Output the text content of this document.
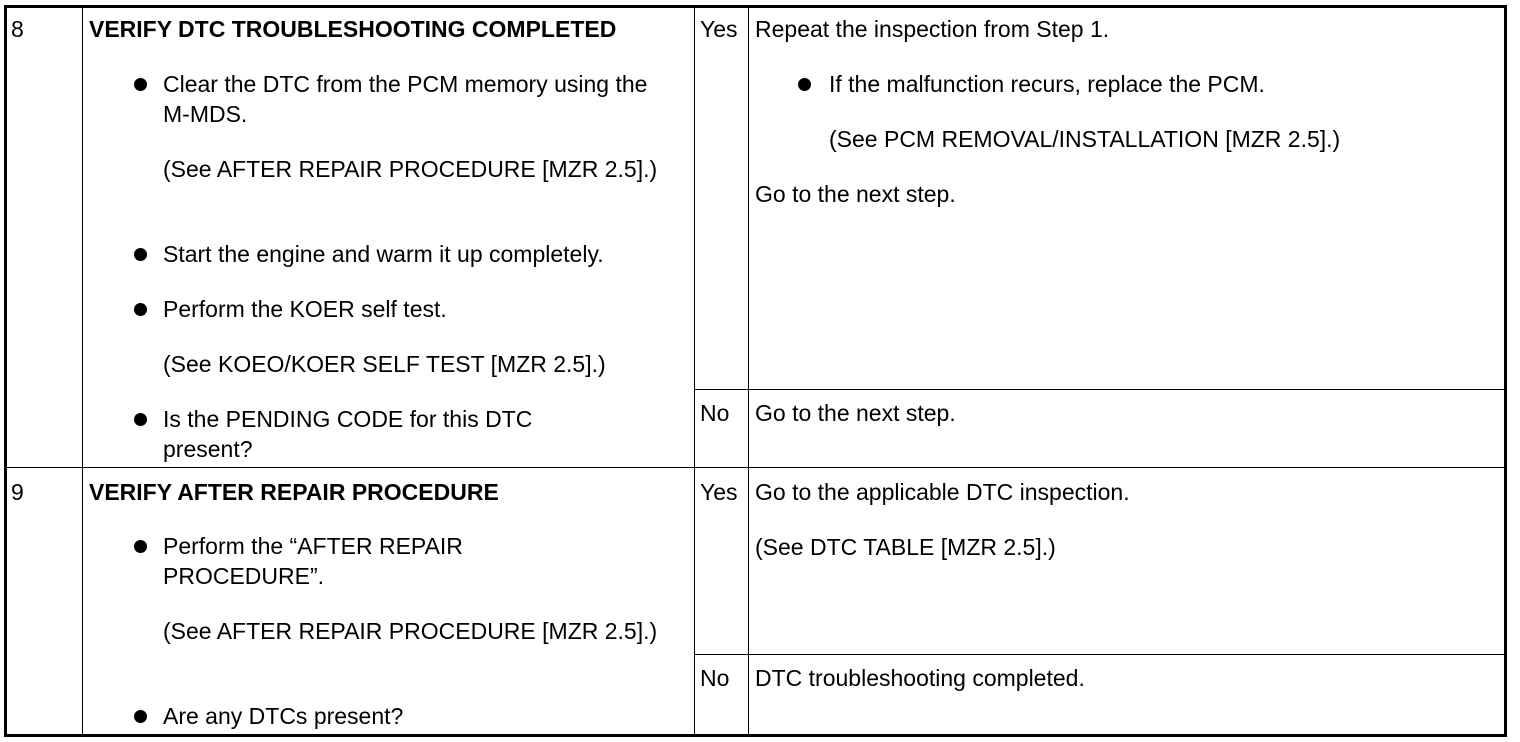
8	VERIFY DTC TROUBLESHOOTING COMPLETED
Clear the DTC from the PCM memory using the M-MDS.
(See AFTER REPAIR PROCEDURE [MZR 2.5].)
Start the engine and warm it up completely.
Perform the KOER self test.
(See KOEO/KOER SELF TEST [MZR 2.5].)
Is the PENDING CODE for this DTC present?
Yes Repeat the inspection from Step 1.
If the malfunction recurs, replace the PCM.
(See PCM REMOVAL/INSTALLATION [MZR 2.5].)
Go to the next step.
No Go to the next step.
9	VERIFY AFTER REPAIR PROCEDURE
Perform the “AFTER REPAIR PROCEDURE”.
(See AFTER REPAIR PROCEDURE [MZR 2.5].)
Are any DTCs present?
Yes Go to the applicable DTC inspection.
(See DTC TABLE [MZR 2.5].)
No DTC troubleshooting completed.
